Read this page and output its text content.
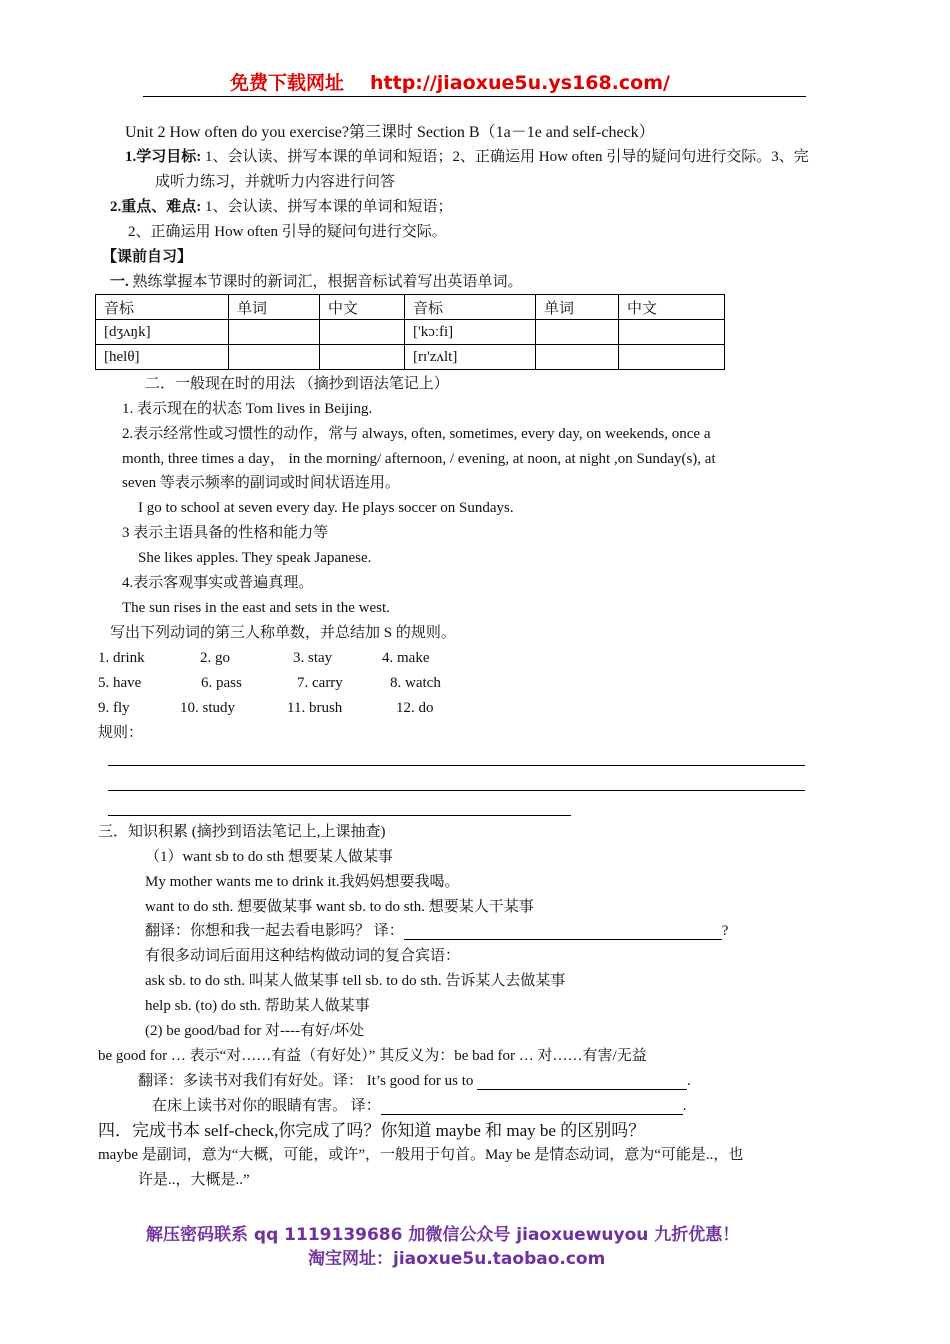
免费下载网址 http://jiaoxue5u.ys168.com/
Unit 2 How often do you exercise?第三课时 Section B（1a－1e and self-check）
1.学习目标: 1、会认读、拼写本课的单词和短语；2、正确运用 How often 引导的疑问句进行交际。3、完
成听力练习，并就听力内容进行问答
2.重点、难点: 1、会认读、拼写本课的单词和短语；
2、正确运用 How often 引导的疑问句进行交际。
【课前自习】
一. 熟练掌握本节课时的新词汇，根据音标试着写出英语单词。
音标	单词	中文	音标	单词	中文
[dʒʌŋk]			['kɔːfi]		
[helθ]			[rɪ'zʌlt]		
二．一般现在时的用法 （摘抄到语法笔记上）
1. 表示现在的状态 Tom lives in Beijing.
2.表示经常性或习惯性的动作，常与 always, often, sometimes, every day, on weekends, once a
month, three times a day， in the morning/ afternoon, / evening, at noon, at night ,on Sunday(s), at
seven 等表示频率的副词或时间状语连用。
I go to school at seven every day. He plays soccer on Sundays.
3 表示主语具备的性格和能力等
She likes apples. They speak Japanese.
4.表示客观事实或普遍真理。
The sun rises in the east and sets in the west.
写出下列动词的第三人称单数，并总结加 S 的规则。
1. drink	2. go	3. stay	4. make
5. have	6. pass	7. carry	8. watch
9. fly	10. study	11. brush	12. do
规则：
三．知识积累 (摘抄到语法笔记上,上课抽查)
（1）want sb to do sth 想要某人做某事
My mother wants me to drink it.我妈妈想要我喝。
want to do sth. 想要做某事 want sb. to do sth. 想要某人干某事
翻译：你想和我一起去看电影吗？ 译：	?
有很多动词后面用这种结构做动词的复合宾语：
ask sb. to do sth. 叫某人做某事 tell sb. to do sth. 告诉某人去做某事
help sb. (to) do sth. 帮助某人做某事
(2) be good/bad for 对----有好/坏处
be good for … 表示“对……有益（有好处）” 其反义为：be bad for … 对……有害/无益
翻译：多读书对我们有好处。译： It’s good for us to	.
在床上读书对你的眼睛有害。 译：	.
四．完成书本 self-check,你完成了吗？你知道 maybe 和 may be 的区别吗？
maybe 是副词，意为“大概，可能，或许”，一般用于句首。May be 是情态动词，意为“可能是..，也
许是..，大概是..”
解压密码联系 qq 1119139686 加微信公众号 jiaoxuewuyou 九折优惠！
淘宝网址：jiaoxue5u.taobao.com
